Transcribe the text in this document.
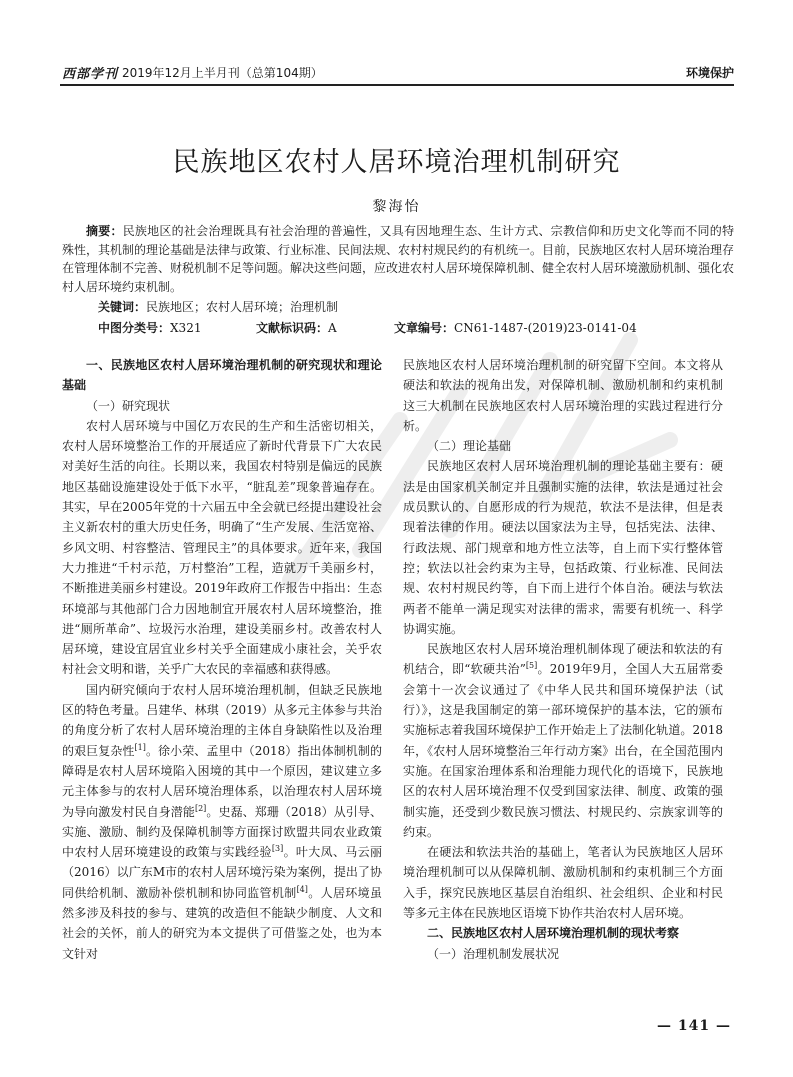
西部学刊 2019年12月上半月刊（总第104期）	环境保护
民族地区农村人居环境治理机制研究
黎海怡
摘要：民族地区的社会治理既具有社会治理的普遍性，又具有因地理生态、生计方式、宗教信仰和历史文化等而不同的特殊性，其机制的理论基础是法律与政策、行业标准、民间法规、农村村规民约的有机统一。目前，民族地区农村人居环境治理存在管理体制不完善、财税机制不足等问题。解决这些问题，应改进农村人居环境保障机制、健全农村人居环境激励机制、强化农村人居环境约束机制。
关键词：民族地区；农村人居环境；治理机制
中图分类号：X321	文献标识码：A	文章编号：CN61-1487-(2019)23-0141-04

一、民族地区农村人居环境治理机制的研究现状和理论基础

（一）研究现状

农村人居环境与中国亿万农民的生产和生活密切相关，农村人居环境整治工作的开展适应了新时代背景下广大农民对美好生活的向往。长期以来，我国农村特别是偏远的民族地区基础设施建设处于低下水平，“脏乱差”现象普遍存在。其实，早在2005年党的十六届五中全会就已经提出建设社会主义新农村的重大历史任务，明确了“生产发展、生活宽裕、乡风文明、村容整洁、管理民主”的具体要求。近年来，我国大力推进“千村示范，万村整治”工程，造就万千美丽乡村，不断推进美丽乡村建设。2019年政府工作报告中指出：生态环境部与其他部门合力因地制宜开展农村人居环境整治，推进“厕所革命”、垃圾污水治理，建设美丽乡村。改善农村人居环境，建设宜居宜业乡村关乎全面建成小康社会，关乎农村社会文明和谐，关乎广大农民的幸福感和获得感。

国内研究倾向于农村人居环境治理机制，但缺乏民族地区的特色考量。吕建华、林琪（2019）从多元主体参与共治的角度分析了农村人居环境治理的主体自身缺陷性以及治理的艰巨复杂性[1]。徐小荣、孟里中（2018）指出体制机制的障碍是农村人居环境陷入困境的其中一个原因，建议建立多元主体参与的农村人居环境治理体系，以治理农村人居环境为导向激发村民自身潜能[2]。史磊、郑珊（2018）从引导、实施、激励、制约及保障机制等方面探讨欧盟共同农业政策中农村人居环境建设的政策与实践经验[3]。叶大凤、马云丽（2016）以广东M市的农村人居环境污染为案例，提出了协同供给机制、激励补偿机制和协同监管机制[4]。人居环境虽然多涉及科技的参与、建筑的改造但不能缺少制度、人文和社会的关怀，前人的研究为本文提供了可借鉴之处，也为本文针对

民族地区农村人居环境治理机制的研究留下空间。本文将从硬法和软法的视角出发，对保障机制、激励机制和约束机制这三大机制在民族地区农村人居环境治理的实践过程进行分析。

（二）理论基础

民族地区农村人居环境治理机制的理论基础主要有：硬法是由国家机关制定并且强制实施的法律，软法是通过社会成员默认的、自愿形成的行为规范，软法不是法律，但是表现着法律的作用。硬法以国家法为主导，包括宪法、法律、行政法规、部门规章和地方性立法等，自上而下实行整体管控；软法以社会约束为主导，包括政策、行业标准、民间法规、农村村规民约等，自下而上进行个体自治。硬法与软法两者不能单一满足现实对法律的需求，需要有机统一、科学协调实施。

民族地区农村人居环境治理机制体现了硬法和软法的有机结合，即“软硬共治”[5]。2019年9月，全国人大五届常委会第十一次会议通过了《中华人民共和国环境保护法（试行）》，这是我国制定的第一部环境保护的基本法，它的颁布实施标志着我国环境保护工作开始走上了法制化轨道。2018年，《农村人居环境整治三年行动方案》出台，在全国范围内实施。在国家治理体系和治理能力现代化的语境下，民族地区的农村人居环境治理不仅受到国家法律、制度、政策的强制实施，还受到少数民族习惯法、村规民约、宗族家训等的约束。

在硬法和软法共治的基础上，笔者认为民族地区人居环境治理机制可以从保障机制、激励机制和约束机制三个方面入手，探究民族地区基层自治组织、社会组织、企业和村民等多元主体在民族地区语境下协作共治农村人居环境。

二、民族地区农村人居环境治理机制的现状考察

（一）治理机制发展状况

— 141 —
